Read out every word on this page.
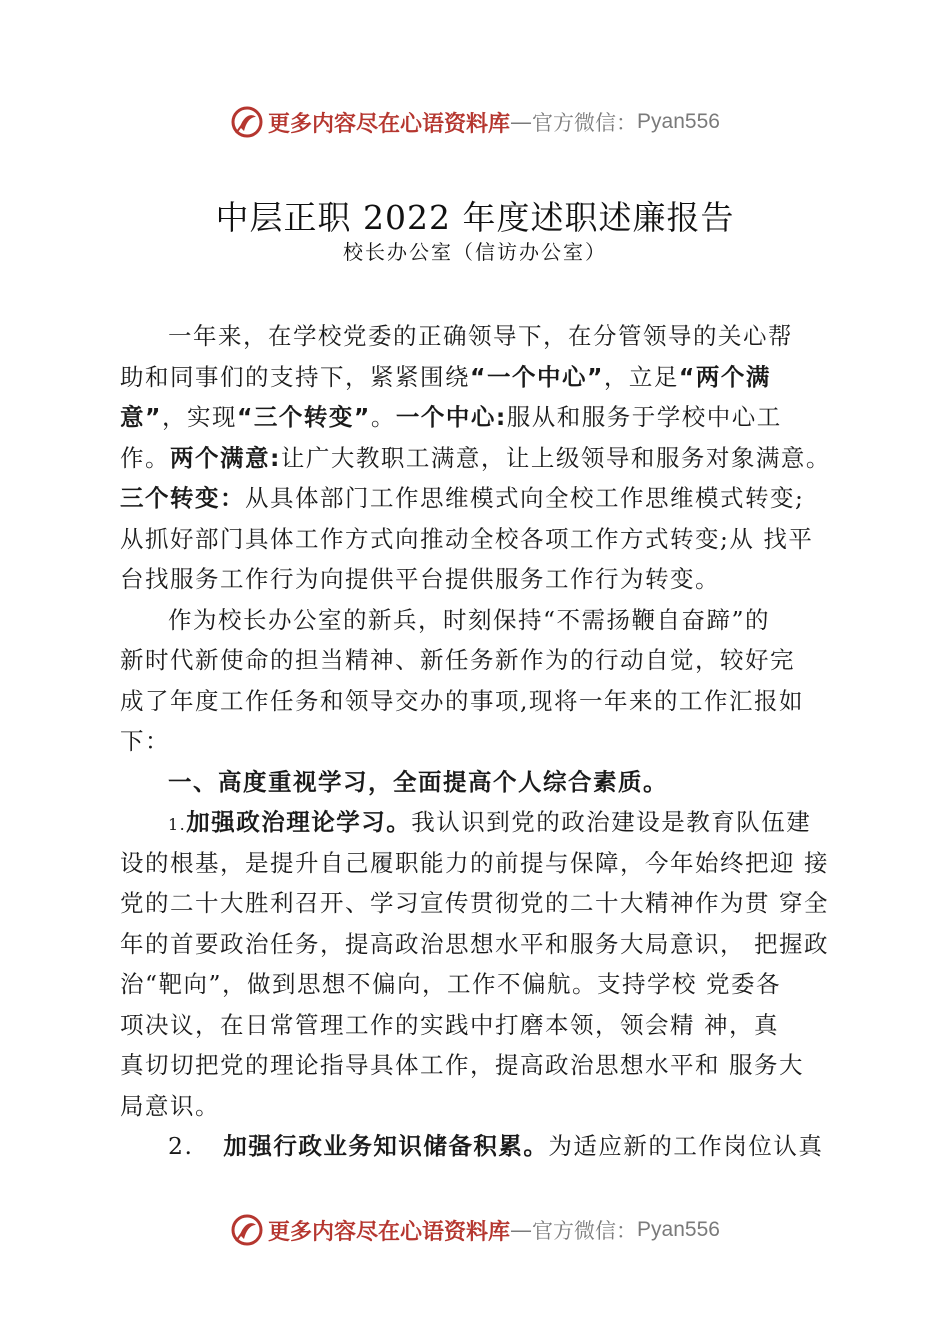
更多内容尽在心语资料库 — 官方微信： Pyan556
中层正职 2022 年度述职述廉报告
校长办公室（信访办公室）
一年来，在学校党委的正确领导下，在分管领导的关心帮
助和同事们的支持下，紧紧围绕“一个中心”，立足“两个满
意”，实现“三个转变”。一个中心:服从和服务于学校中心工
作。两个满意:让广大教职工满意，让上级领导和服务对象满意。
三个转变：从具体部门工作思维模式向全校工作思维模式转变;
从抓好部门具体工作方式向推动全校各项工作方式转变;从 找平
台找服务工作行为向提供平台提供服务工作行为转变。
作为校长办公室的新兵，时刻保持“不需扬鞭自奋蹄”的
新时代新使命的担当精神、新任务新作为的行动自觉，较好完
成了年度工作任务和领导交办的事项,现将一年来的工作汇报如
下：
一、高度重视学习，全面提高个人综合素质。
1.加强政治理论学习。我认识到党的政治建设是教育队伍建
设的根基，是提升自己履职能力的前提与保障，今年始终把迎 接
党的二十大胜利召开、学习宣传贯彻党的二十大精神作为贯 穿全
年的首要政治任务，提高政治思想水平和服务大局意识， 把握政
治“靶向”，做到思想不偏向，工作不偏航。支持学校 党委各
项决议，在日常管理工作的实践中打磨本领，领会精 神，真
真切切把党的理论指导具体工作，提高政治思想水平和 服务大
局意识。
2. 加强行政业务知识储备积累。为适应新的工作岗位认真
更多内容尽在心语资料库 — 官方微信： Pyan556
